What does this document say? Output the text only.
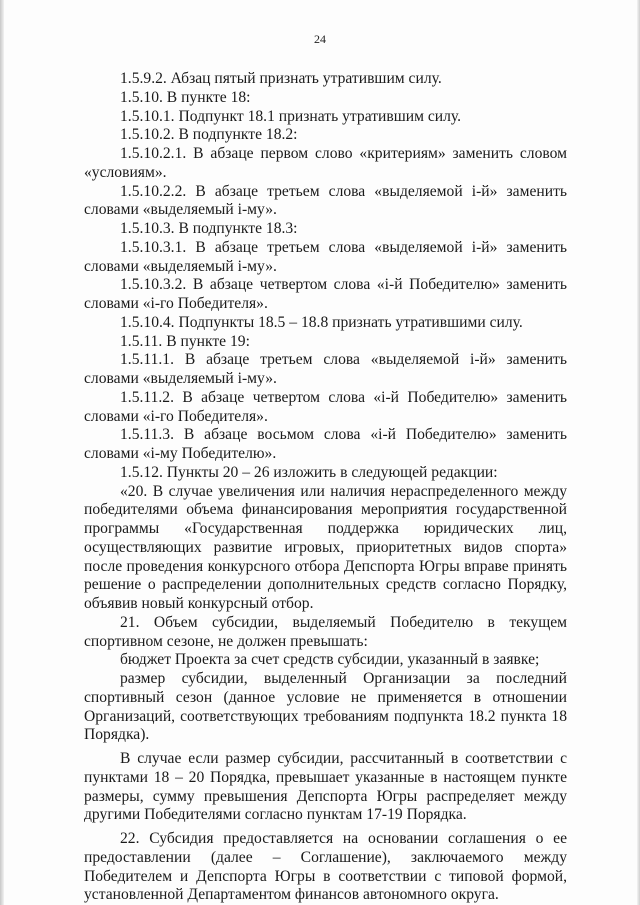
24

1.5.9.2. Абзац пятый признать утратившим силу.

1.5.10. В пункте 18:

1.5.10.1. Подпункт 18.1 признать утратившим силу.

1.5.10.2. В подпункте 18.2:

1.5.10.2.1. В абзаце первом слово «критериям» заменить словом «условиям».

1.5.10.2.2. В абзаце третьем слова «выделяемой i-й» заменить словами «выделяемый i-му».

1.5.10.3. В подпункте 18.3:

1.5.10.3.1. В абзаце третьем слова «выделяемой i-й» заменить словами «выделяемый i-му».

1.5.10.3.2. В абзаце четвертом слова «i-й Победителю» заменить словами «i-го Победителя».

1.5.10.4. Подпункты 18.5 – 18.8 признать утратившими силу.

1.5.11. В пункте 19:

1.5.11.1. В абзаце третьем слова «выделяемой i-й» заменить словами «выделяемый i-му».

1.5.11.2. В абзаце четвертом слова «i-й Победителю» заменить словами «i-го Победителя».

1.5.11.3. В абзаце восьмом слова «i-й Победителю» заменить словами «i-му Победителю».

1.5.12. Пункты 20 – 26 изложить в следующей редакции:

«20. В случае увеличения или наличия нераспределенного между победителями объема финансирования мероприятия государственной программы «Государственная поддержка юридических лиц, осуществляющих развитие игровых, приоритетных видов спорта» после проведения конкурсного отбора Депспорта Югры вправе принять решение о распределении дополнительных средств согласно Порядку, объявив новый конкурсный отбор.

21. Объем субсидии, выделяемый Победителю в текущем спортивном сезоне, не должен превышать:

бюджет Проекта за счет средств субсидии, указанный в заявке;

размер субсидии, выделенный Организации за последний спортивный сезон (данное условие не применяется в отношении Организаций, соответствующих требованиям подпункта 18.2 пункта 18 Порядка).

В случае если размер субсидии, рассчитанный в соответствии с пунктами 18 – 20 Порядка, превышает указанные в настоящем пункте размеры, сумму превышения Депспорта Югры распределяет между другими Победителями согласно пунктам 17-19 Порядка.

22. Субсидия предоставляется на основании соглашения о ее предоставлении (далее – Соглашение), заключаемого между Победителем и Депспорта Югры в соответствии с типовой формой, установленной Департаментом финансов автономного округа.
